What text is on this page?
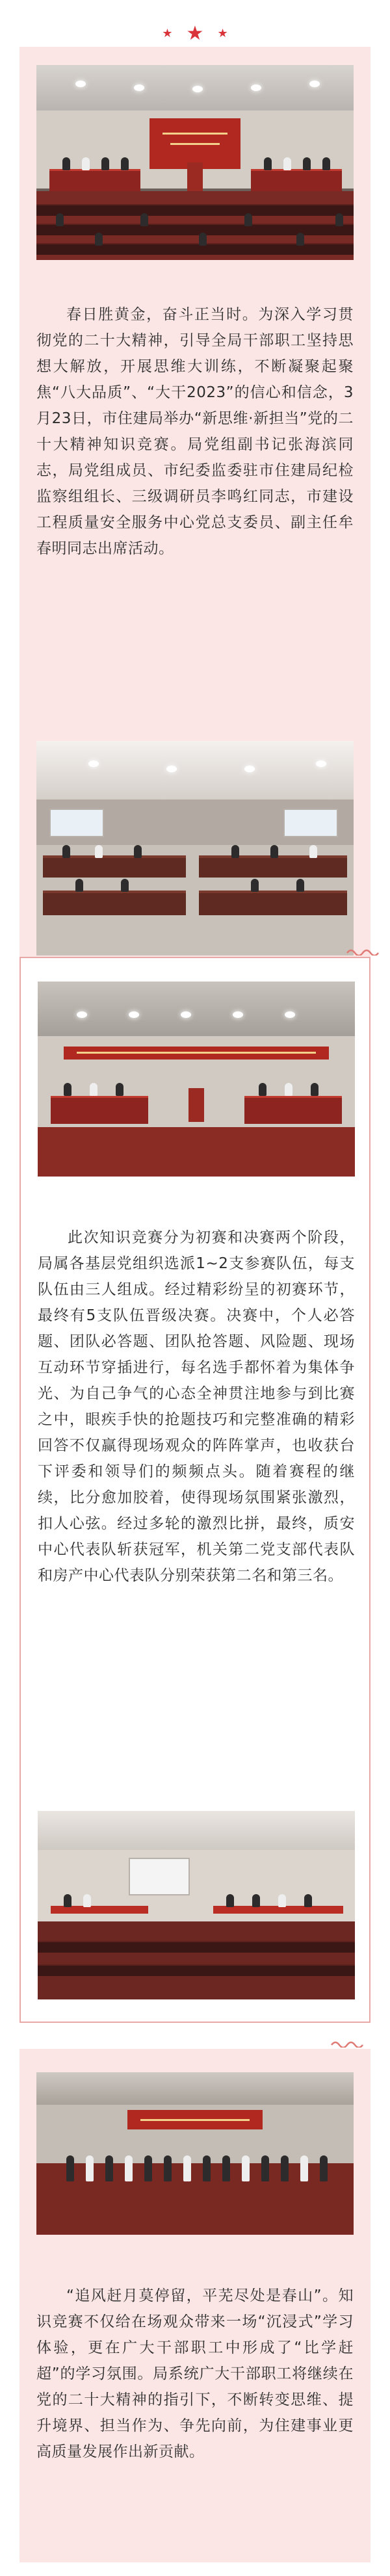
★ ★ ★
春日胜黄金，奋斗正当时。为深入学习贯彻党的二十大精神，引导全局干部职工坚持思想大解放，开展思维大训练，不断凝聚起聚焦“八大品质”、“大干2023”的信心和信念，3月23日，市住建局举办“新思维·新担当”党的二十大精神知识竞赛。局党组副书记张海滨同志，局党组成员、市纪委监委驻市住建局纪检监察组组长、三级调研员李鸣红同志，市建设工程质量安全服务中心党总支委员、副主任牟春明同志出席活动。
此次知识竞赛分为初赛和决赛两个阶段，局属各基层党组织选派1~2支参赛队伍，每支队伍由三人组成。经过精彩纷呈的初赛环节，最终有5支队伍晋级决赛。决赛中，个人必答题、团队必答题、团队抢答题、风险题、现场互动环节穿插进行，每名选手都怀着为集体争光、为自己争气的心态全神贯注地参与到比赛之中，眼疾手快的抢题技巧和完整准确的精彩回答不仅赢得现场观众的阵阵掌声，也收获台下评委和领导们的频频点头。随着赛程的继续，比分愈加胶着，使得现场氛围紧张激烈，扣人心弦。经过多轮的激烈比拼，最终，质安中心代表队斩获冠军，机关第二党支部代表队和房产中心代表队分别荣获第二名和第三名。
“追风赶月莫停留，平芜尽处是春山”。知识竞赛不仅给在场观众带来一场“沉浸式”学习体验，更在广大干部职工中形成了“比学赶超”的学习氛围。局系统广大干部职工将继续在党的二十大精神的指引下，不断转变思维、提升境界、担当作为、争先向前，为住建事业更高质量发展作出新贡献。
